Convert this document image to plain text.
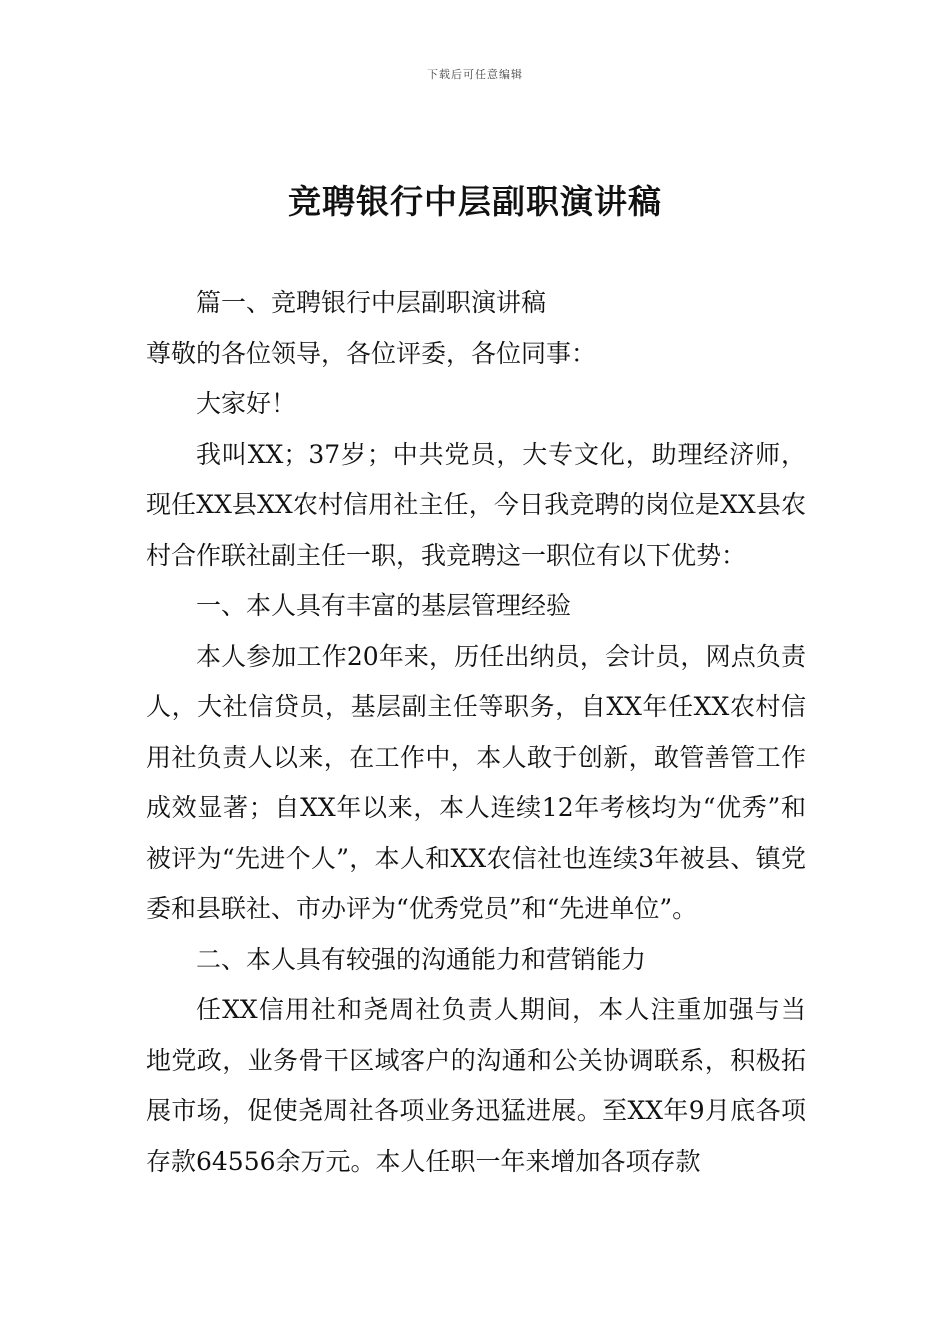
下载后可任意编辑
竞聘银行中层副职演讲稿

篇一、竞聘银行中层副职演讲稿

尊敬的各位领导，各位评委，各位同事：

大家好！

我叫XX；37岁；中共党员，大专文化，助理经济师，现任XX县XX农村信用社主任，今日我竞聘的岗位是XX县农村合作联社副主任一职，我竞聘这一职位有以下优势：

一、本人具有丰富的基层管理经验

本人参加工作20年来，历任出纳员，会计员，网点负责人，大社信贷员，基层副主任等职务，自XX年任XX农村信用社负责人以来，在工作中，本人敢于创新，敢管善管工作成效显著；自XX年以来，本人连续12年考核均为“优秀”和被评为“先进个人”，本人和XX农信社也连续3年被县、镇党委和县联社、市办评为“优秀党员”和“先进单位”。

二、本人具有较强的沟通能力和营销能力

任XX信用社和尧周社负责人期间，本人注重加强与当地党政，业务骨干区域客户的沟通和公关协调联系，积极拓展市场，促使尧周社各项业务迅猛进展。至XX年9月底各项存款64556余万元。本人任职一年来增加各项存款
